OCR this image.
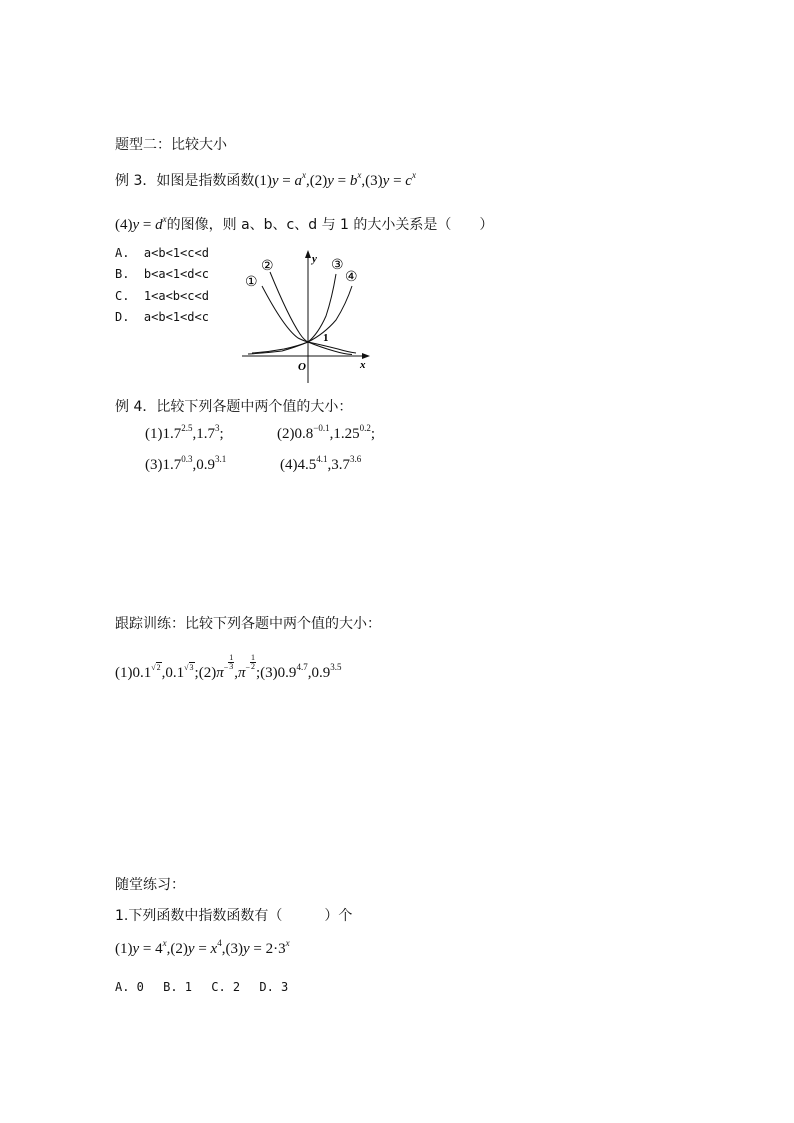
题型二：比较大小
例 3．如图是指数函数$(1)y = a^x,(2)y = b^x,(3)y = c^x$
$(4)y = d^x$的图像，则 a、b、c、d 与 1 的大小关系是（　　）
A. a<b<1<c<d
B. b<a<1<d<c
C. 1<a<b<c<d
D. a<b<1<d<c
①
②	③
④
y
x
O
1
例 4．比较下列各题中两个值的大小：
$(1)1.7^{2.5},1.7^3$;	$(2)0.8^{-0.1},1.25^{0.2}$;
$(3)1.7^{0.3},0.9^{3.1}$	$(4)4.5^{4.1},3.7^{3.6}$
跟踪训练：比较下列各题中两个值的大小：
$(1)0.1^{√2},0.1^{√3};(2)\pi^{- \frac{1}{3}}$
$,\pi^{- \frac{1}{2}}$
$;(3)0.9^{4.7},0.9^{3.5}$
随堂练习：
1.下列函数中指数函数有（　　　）个
$(1)y = 4^x,(2)y = x^4,(3)y = 2\cdot 3^x$
A. 0　 B. 1　 C. 2　 D. 3
